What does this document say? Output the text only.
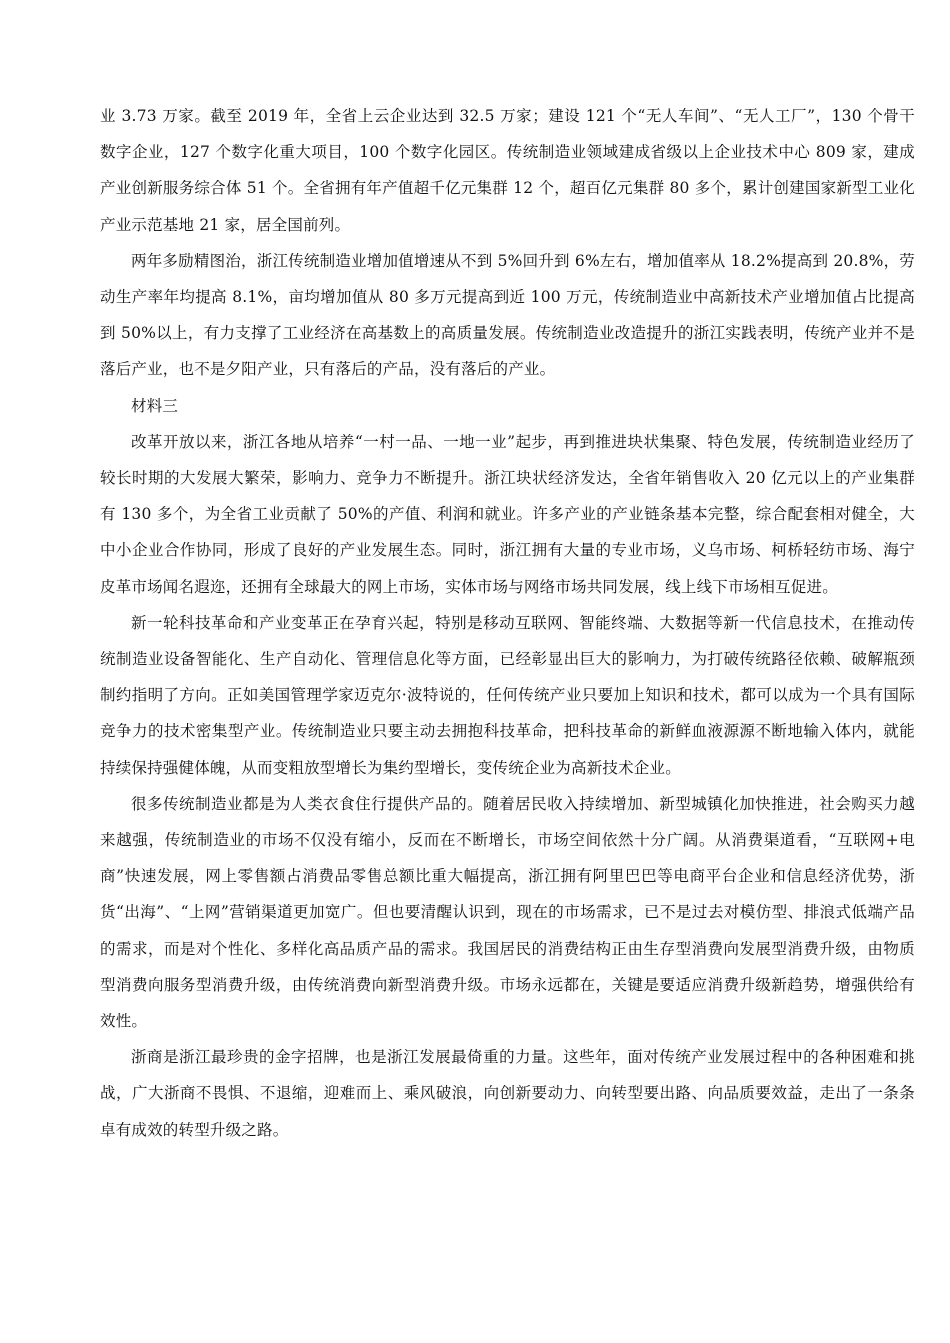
业 3.73 万家。截至 2019 年，全省上云企业达到 32.5 万家；建设 121 个“无人车间”、“无人工厂”，130 个骨干数字企业，127 个数字化重大项目，100 个数字化园区。传统制造业领域建成省级以上企业技术中心 809 家，建成产业创新服务综合体 51 个。全省拥有年产值超千亿元集群 12 个，超百亿元集群 80 多个，累计创建国家新型工业化产业示范基地 21 家，居全国前列。

两年多励精图治，浙江传统制造业增加值增速从不到 5%回升到 6%左右，增加值率从 18.2%提高到 20.8%，劳动生产率年均提高 8.1%，亩均增加值从 80 多万元提高到近 100 万元，传统制造业中高新技术产业增加值占比提高到 50%以上，有力支撑了工业经济在高基数上的高质量发展。传统制造业改造提升的浙江实践表明，传统产业并不是落后产业，也不是夕阳产业，只有落后的产品，没有落后的产业。

材料三

改革开放以来，浙江各地从培养“一村一品、一地一业”起步，再到推进块状集聚、特色发展，传统制造业经历了较长时期的大发展大繁荣，影响力、竞争力不断提升。浙江块状经济发达，全省年销售收入 20 亿元以上的产业集群有 130 多个，为全省工业贡献了 50%的产值、利润和就业。许多产业的产业链条基本完整，综合配套相对健全，大中小企业合作协同，形成了良好的产业发展生态。同时，浙江拥有大量的专业市场，义乌市场、柯桥轻纺市场、海宁皮革市场闻名遐迩，还拥有全球最大的网上市场，实体市场与网络市场共同发展，线上线下市场相互促进。

新一轮科技革命和产业变革正在孕育兴起，特别是移动互联网、智能终端、大数据等新一代信息技术，在推动传统制造业设备智能化、生产自动化、管理信息化等方面，已经彰显出巨大的影响力，为打破传统路径依赖、破解瓶颈制约指明了方向。正如美国管理学家迈克尔·波特说的，任何传统产业只要加上知识和技术，都可以成为一个具有国际竞争力的技术密集型产业。传统制造业只要主动去拥抱科技革命，把科技革命的新鲜血液源源不断地输入体内，就能持续保持强健体魄，从而变粗放型增长为集约型增长，变传统企业为高新技术企业。

很多传统制造业都是为人类衣食住行提供产品的。随着居民收入持续增加、新型城镇化加快推进，社会购买力越来越强，传统制造业的市场不仅没有缩小，反而在不断增长，市场空间依然十分广阔。从消费渠道看，“互联网+电商”快速发展，网上零售额占消费品零售总额比重大幅提高，浙江拥有阿里巴巴等电商平台企业和信息经济优势，浙货“出海”、“上网”营销渠道更加宽广。但也要清醒认识到，现在的市场需求，已不是过去对模仿型、排浪式低端产品的需求，而是对个性化、多样化高品质产品的需求。我国居民的消费结构正由生存型消费向发展型消费升级，由物质型消费向服务型消费升级，由传统消费向新型消费升级。市场永远都在，关键是要适应消费升级新趋势，增强供给有效性。

浙商是浙江最珍贵的金字招牌，也是浙江发展最倚重的力量。这些年，面对传统产业发展过程中的各种困难和挑战，广大浙商不畏惧、不退缩，迎难而上、乘风破浪，向创新要动力、向转型要出路、向品质要效益，走出了一条条卓有成效的转型升级之路。
